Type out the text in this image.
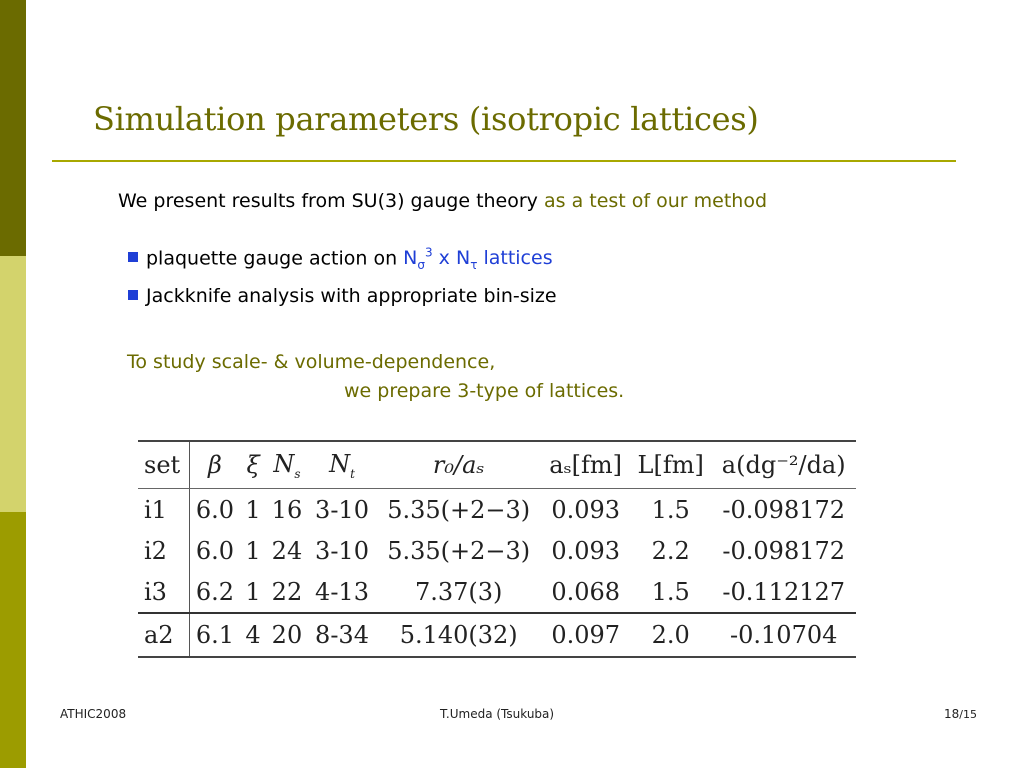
Simulation parameters (isotropic lattices)
We present results from SU(3) gauge theory as a test of our method
plaquette gauge action on $N_\sigma^3$ x $N_\tau$ lattices
Jackknife analysis with appropriate bin-size
To study scale- & volume-dependence,
we prepare 3-type of lattices.
set	β	ξ	$N_s$	$N_t$	r₀/aₛ	aₛ[fm]	L[fm]	a(dg⁻²/da)
i1	6.0	1	16	3-10	5.35(+2−3)	0.093	1.5	-0.098172
i2	6.0	1	24	3-10	5.35(+2−3)	0.093	2.2	-0.098172
i3	6.2	1	22	4-13	7.37(3)	0.068	1.5	-0.112127
a2	6.1	4	20	8-34	5.140(32)	0.097	2.0	-0.10704
ATHIC2008	T.Umeda (Tsukuba)	18/15
